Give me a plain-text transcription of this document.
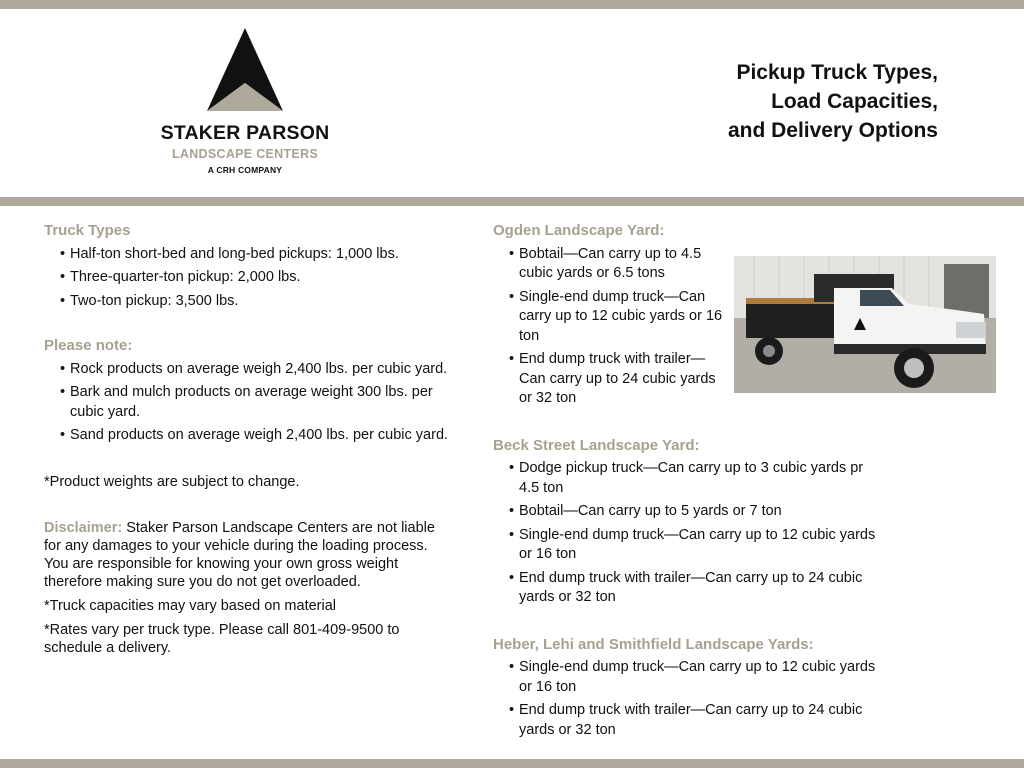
STAKER PARSON
LANDSCAPE CENTERS
A CRH COMPANY
Pickup Truck Types,
Load Capacities,
and Delivery Options
Truck Types
• Half-ton short-bed and long-bed pickups: 1,000 lbs.
• Three-quarter-ton pickup: 2,000 lbs.
• Two-ton pickup: 3,500 lbs.
Please note:
• Rock products on average weigh 2,400 lbs. per cubic yard.
• Bark and mulch products on average weight 300 lbs. per cubic yard.
• Sand products on average weigh 2,400 lbs. per cubic yard.
*Product weights are subject to change.
Disclaimer: Staker Parson Landscape Centers are not liable for any damages to your vehicle during the loading process. You are responsible for knowing your own gross weight therefore making sure you do not get overloaded.
*Truck capacities may vary based on material
*Rates vary per truck type. Please call 801-409-9500 to schedule a delivery.
Ogden Landscape Yard:
• Bobtail—Can carry up to 4.5 cubic yards or 6.5 tons
• Single-end dump truck—Can carry up to 12 cubic yards or 16 ton
• End dump truck with trailer—Can carry up to 24 cubic yards or 32 ton
Beck Street Landscape Yard:
• Dodge pickup truck—Can carry up to 3 cubic yards pr 4.5 ton
• Bobtail—Can carry up to 5 yards or 7 ton
• Single-end dump truck—Can carry up to 12 cubic yards or 16 ton
• End dump truck with trailer—Can carry up to 24 cubic yards or 32 ton
Heber, Lehi and Smithfield Landscape Yards:
• Single-end dump truck—Can carry up to 12 cubic yards or 16 ton
• End dump truck with trailer—Can carry up to 24 cubic yards or 32 ton
